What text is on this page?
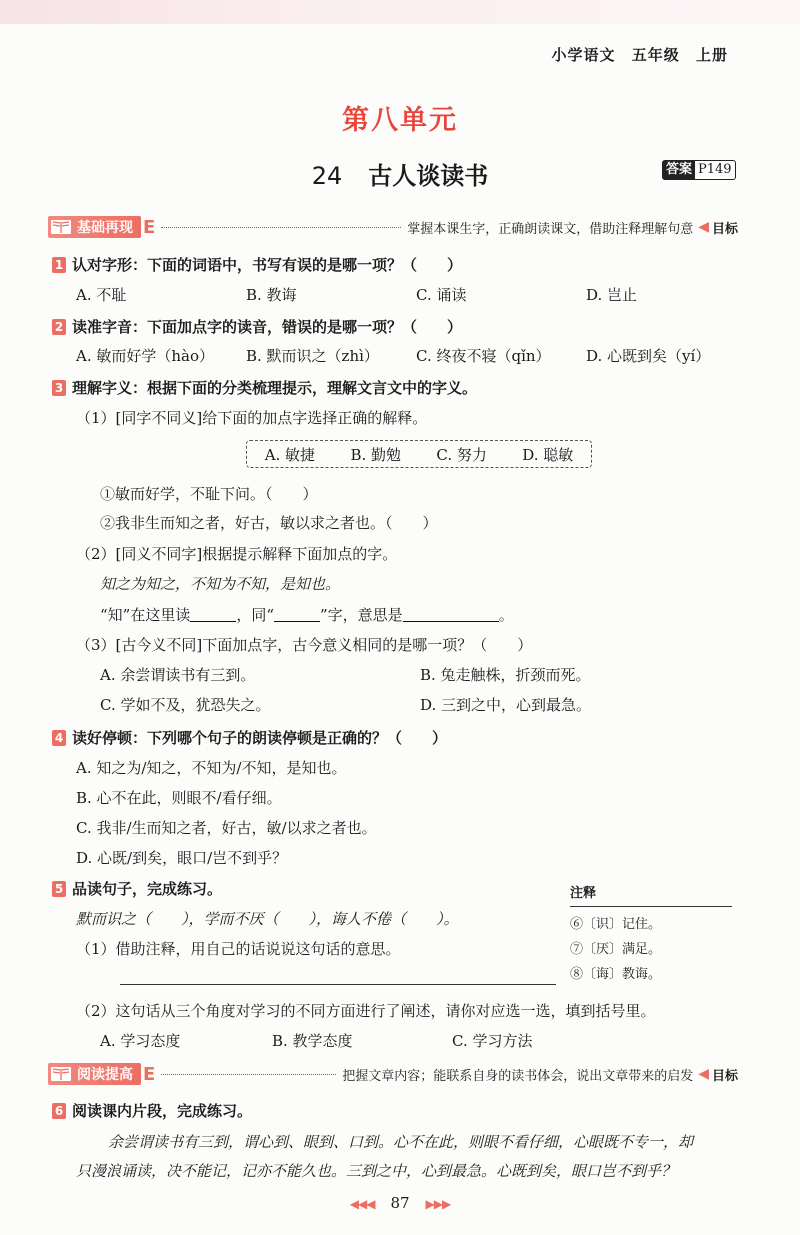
小学语文 五年级 上册
第八单元
24 古人谈读书	答案 P149
基础再现 Ε	掌握本课生字，正确朗读课文，借助注释理解句意 ◀ 目标
1 认对字形：下面的词语中，书写有误的是哪一项？（　　）
A. 不耻	B. 教诲	C. 诵读	D. 岂止
2 读准字音：下面加点字的读音，错误的是哪一项？（　　）
A. 敏而好学（hào）	B. 默而识之（zhì）	C. 终夜不寝（qǐn）	D. 心既到矣（yí）
3 理解字义：根据下面的分类梳理提示，理解文言文中的字义。
（1）[同字不同义]给下面的加点字选择正确的解释。
A. 敏捷 B. 勤勉 C. 努力 D. 聪敏
①敏而好学，不耻下问。（　　）
②我非生而知之者，好古，敏以求之者也。（　　）
（2）[同义不同字]根据提示解释下面加点的字。
知之为知之，不知为不知，是知也。
“知”在这里读	，同“	”字，意思是	。
（3）[古今义不同]下面加点字，古今意义相同的是哪一项？（　　）
A. 余尝谓读书有三到。	B. 兔走触株，折颈而死。
C. 学如不及，犹恐失之。	D. 三到之中，心到最急。
4 读好停顿：下列哪个句子的朗读停顿是正确的？（　　）
A. 知之为/知之，不知为/不知，是知也。
B. 心不在此，则眼不/看仔细。
C. 我非/生而知之者，好古，敏/以求之者也。
D. 心既/到矣，眼口/岂不到乎？
5 品读句子，完成练习。
默而识之（　　），学而不厌（　　），诲人不倦（　　）。
（1）借助注释，用自己的话说说这句话的意思。
（2）这句话从三个角度对学习的不同方面进行了阐述，请你对应选一选，填到括号里。
A. 学习态度	B. 教学态度	C. 学习方法
注释
⑥〔识〕记住。
⑦〔厌〕满足。
⑧〔诲〕教诲。
阅读提高 Ε	把握文章内容；能联系自身的读书体会，说出文章带来的启发 ◀ 目标
6 阅读课内片段，完成练习。
余尝谓读书有三到，谓心到、眼到、口到。心不在此，则眼不看仔细，心眼既不专一，却
只漫浪诵读，决不能记，记亦不能久也。三到之中，心到最急。心既到矣，眼口岂不到乎？
◀◀◀ 87 ▶▶▶
